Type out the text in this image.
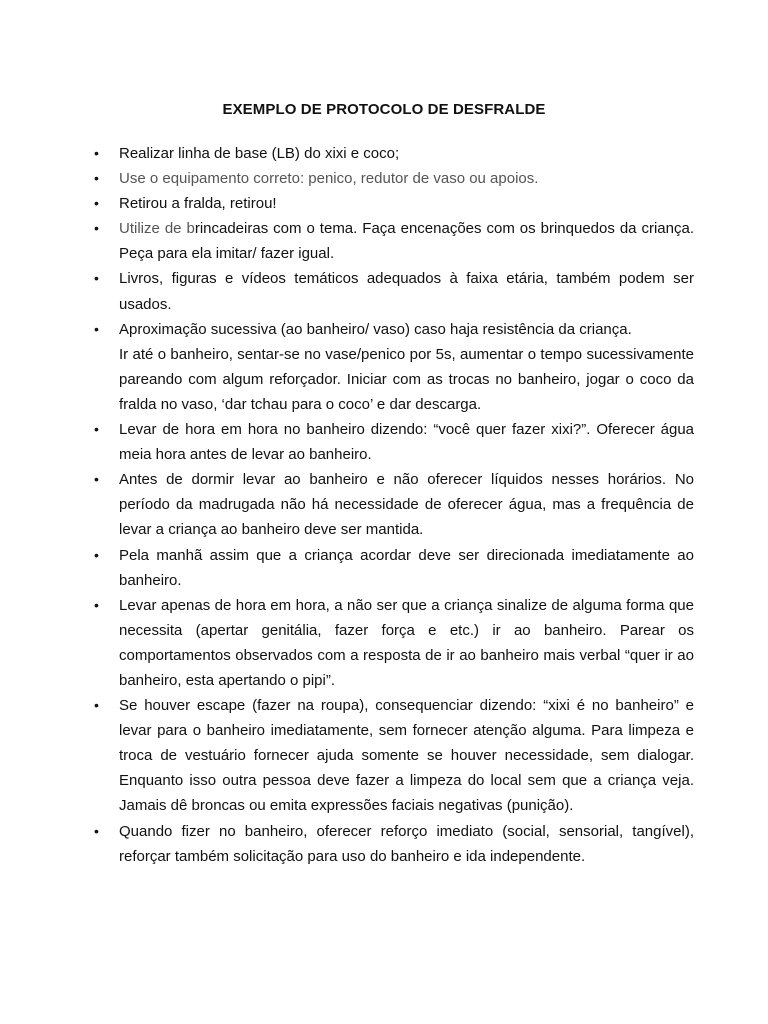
EXEMPLO DE PROTOCOLO DE DESFRALDE
•	Realizar linha de base (LB) do xixi e coco;
•	Use o equipamento correto: penico, redutor de vaso ou apoios.
•	Retirou a fralda, retirou!
•	Utilize de brincadeiras com o tema. Faça encenações com os brinquedos da criança. Peça para ela imitar/ fazer igual.
•	Livros, figuras e vídeos temáticos adequados à faixa etária, também podem ser usados.
•	Aproximação sucessiva (ao banheiro/ vaso) caso haja resistência da criança.
Ir até o banheiro, sentar-se no vase/penico por 5s, aumentar o tempo sucessivamente pareando com algum reforçador. Iniciar com as trocas no banheiro, jogar o coco da fralda no vaso, ‘dar tchau para o coco’ e dar descarga.
•	Levar de hora em hora no banheiro dizendo: “você quer fazer xixi?”. Oferecer água meia hora antes de levar ao banheiro.
•	Antes de dormir levar ao banheiro e não oferecer líquidos nesses horários. No período da madrugada não há necessidade de oferecer água, mas a frequência de levar a criança ao banheiro deve ser mantida.
•	Pela manhã assim que a criança acordar deve ser direcionada imediatamente ao banheiro.
•	Levar apenas de hora em hora, a não ser que a criança sinalize de alguma forma que necessita (apertar genitália, fazer força e etc.) ir ao banheiro. Parear os comportamentos observados com a resposta de ir ao banheiro mais verbal “quer ir ao banheiro, esta apertando o pipi”.
•	Se houver escape (fazer na roupa), consequenciar dizendo: “xixi é no banheiro” e levar para o banheiro imediatamente, sem fornecer atenção alguma. Para limpeza e troca de vestuário fornecer ajuda somente se houver necessidade, sem dialogar. Enquanto isso outra pessoa deve fazer a limpeza do local sem que a criança veja. Jamais dê broncas ou emita expressões faciais negativas (punição).
•	Quando fizer no banheiro, oferecer reforço imediato (social, sensorial, tangível), reforçar também solicitação para uso do banheiro e ida independente.
